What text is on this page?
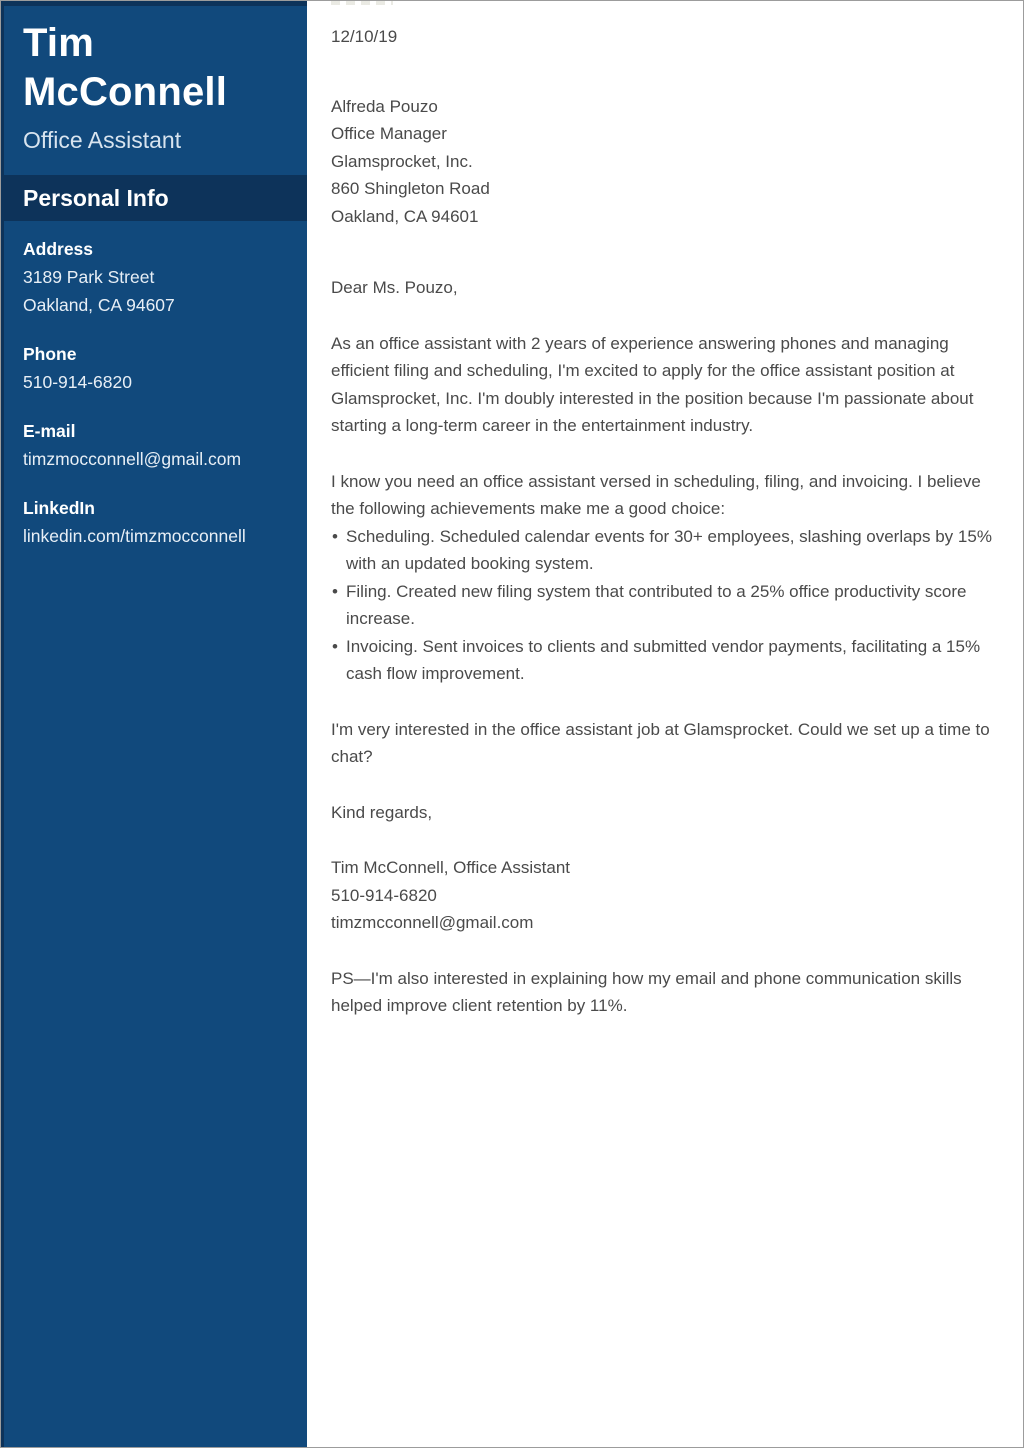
Tim
McConnell
Office Assistant
Personal Info
Address
3189 Park Street
Oakland, CA 94607
Phone
510-914-6820
E-mail
timzmocconnell@gmail.com
LinkedIn
linkedin.com/timzmocconnell
12/10/19
Alfreda Pouzo
Office Manager
Glamsprocket, Inc.
860 Shingleton Road
Oakland, CA 94601
Dear Ms. Pouzo,
As an office assistant with 2 years of experience answering phones and managing efficient filing and scheduling, I'm excited to apply for the office assistant position at Glamsprocket, Inc. I'm doubly interested in the position because I'm passionate about starting a long-term career in the entertainment industry.
I know you need an office assistant versed in scheduling, filing, and invoicing. I believe the following achievements make me a good choice:
• Scheduling. Scheduled calendar events for 30+ employees, slashing overlaps by 15% with an updated booking system.
• Filing. Created new filing system that contributed to a 25% office productivity score increase.
• Invoicing. Sent invoices to clients and submitted vendor payments, facilitating a 15% cash flow improvement.
I'm very interested in the office assistant job at Glamsprocket. Could we set up a time to chat?
Kind regards,
Tim McConnell, Office Assistant
510-914-6820
timzmcconnell@gmail.com
PS—I'm also interested in explaining how my email and phone communication skills helped improve client retention by 11%.
